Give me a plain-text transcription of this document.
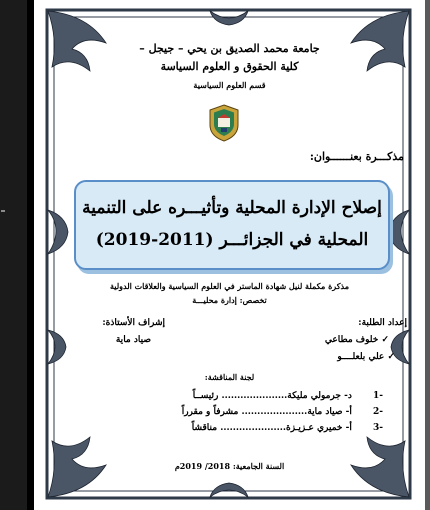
جامعة محمد الصديق بن يحي – جيجل –
كلية الحقوق و العلوم السياسة
قسم العلوم السياسية
مذكـــرة بعنــــــوان:
إصلاح الإدارة المحلية وتأثيـــره على التنمية
المحلية في الجزائـــر (2011-2019)
مذكرة مكملة لنيل شهادة الماستر في العلوم السياسية والعلاقات الدولية
تخصص: إدارة محليـــة
إعداد الطلبة:
إشراف الأستاذة:
✓ خلوف مطاعي
صياد ماية
✓ علي بلعلــــو
لجنة المناقشة:
-1 د- جرمولي مليكة..................... رئيســاً
-2 أ- صياد ماية..................... مشرفاً و مقرراً
-3 أ- خميري عـزيـزة..................... مناقشاً
السنة الجامعية: 2018/ 2019م
